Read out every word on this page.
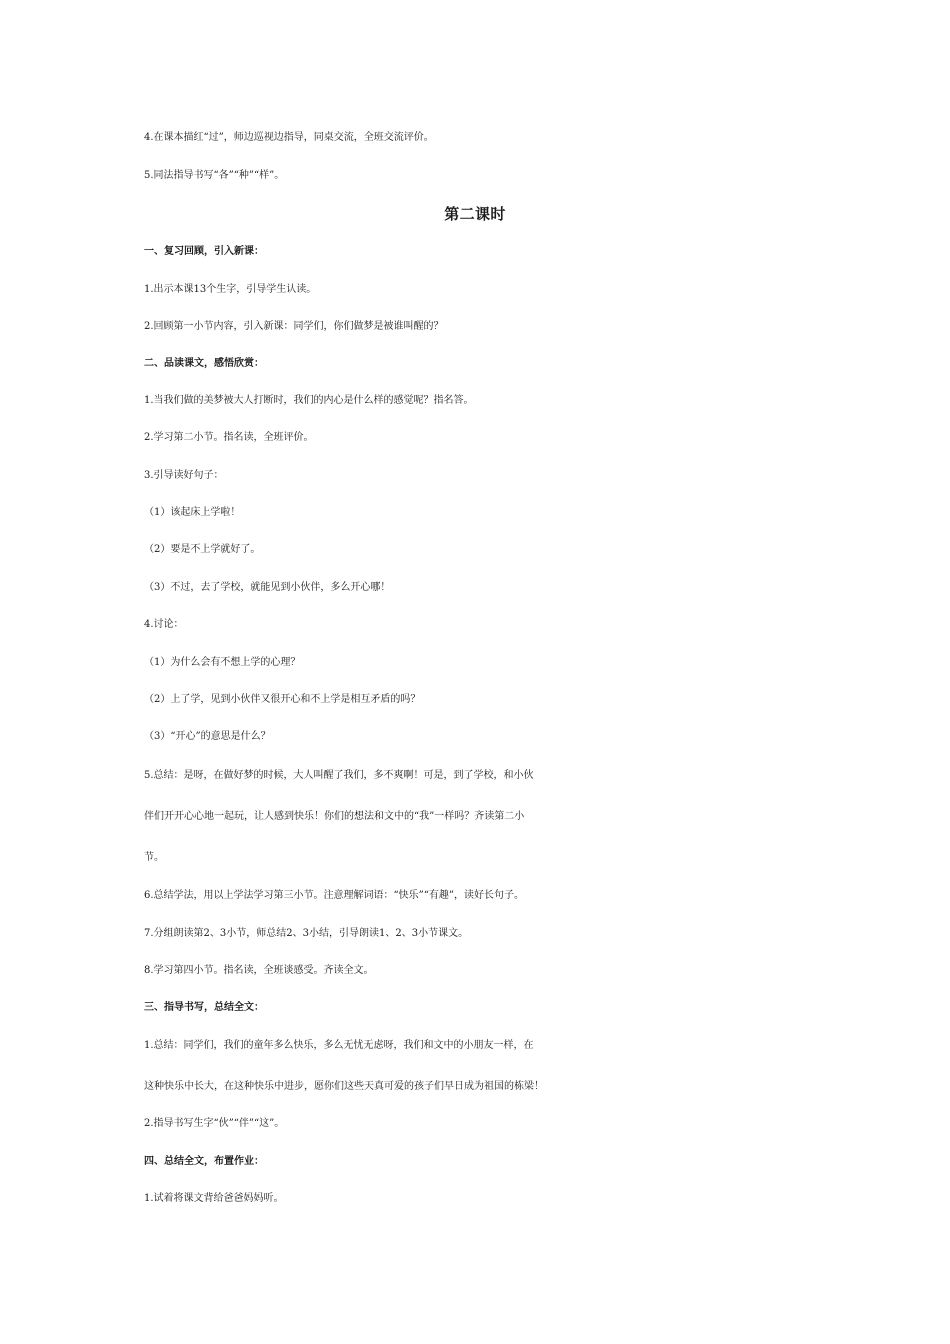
4.在课本描红“过”，师边巡视边指导，同桌交流，全班交流评价。
5.同法指导书写“各”“种”“样”。
第二课时
一、复习回顾，引入新课：
1.出示本课13个生字，引导学生认读。
2.回顾第一小节内容，引入新课：同学们，你们做梦是被谁叫醒的？
二、品读课文，感悟欣赏：
1.当我们做的美梦被大人打断时，我们的内心是什么样的感觉呢？指名答。
2.学习第二小节。指名读，全班评价。
3.引导读好句子：
（1）该起床上学啦！
（2）要是不上学就好了。
（3）不过，去了学校，就能见到小伙伴，多么开心哪！
4.讨论：
（1）为什么会有不想上学的心理？
（2）上了学，见到小伙伴又很开心和不上学是相互矛盾的吗？
（3）“开心”的意思是什么？
5.总结：是呀，在做好梦的时候，大人叫醒了我们，多不爽啊！可是，到了学校，和小伙
伴们开开心心地一起玩，让人感到快乐！你们的想法和文中的“我”一样吗？齐读第二小
节。
6.总结学法，用以上学法学习第三小节。注意理解词语：“快乐”“有趣”，读好长句子。
7.分组朗读第2、3小节，师总结2、3小结，引导朗读1、2、3小节课文。
8.学习第四小节。指名读，全班谈感受。齐读全文。
三、指导书写，总结全文：
1.总结：同学们，我们的童年多么快乐，多么无忧无虑呀，我们和文中的小朋友一样，在
这种快乐中长大，在这种快乐中进步，愿你们这些天真可爱的孩子们早日成为祖国的栋梁！
2.指导书写生字“伙”“伴”“这”。
四、总结全文，布置作业：
1.试着将课文背给爸爸妈妈听。
